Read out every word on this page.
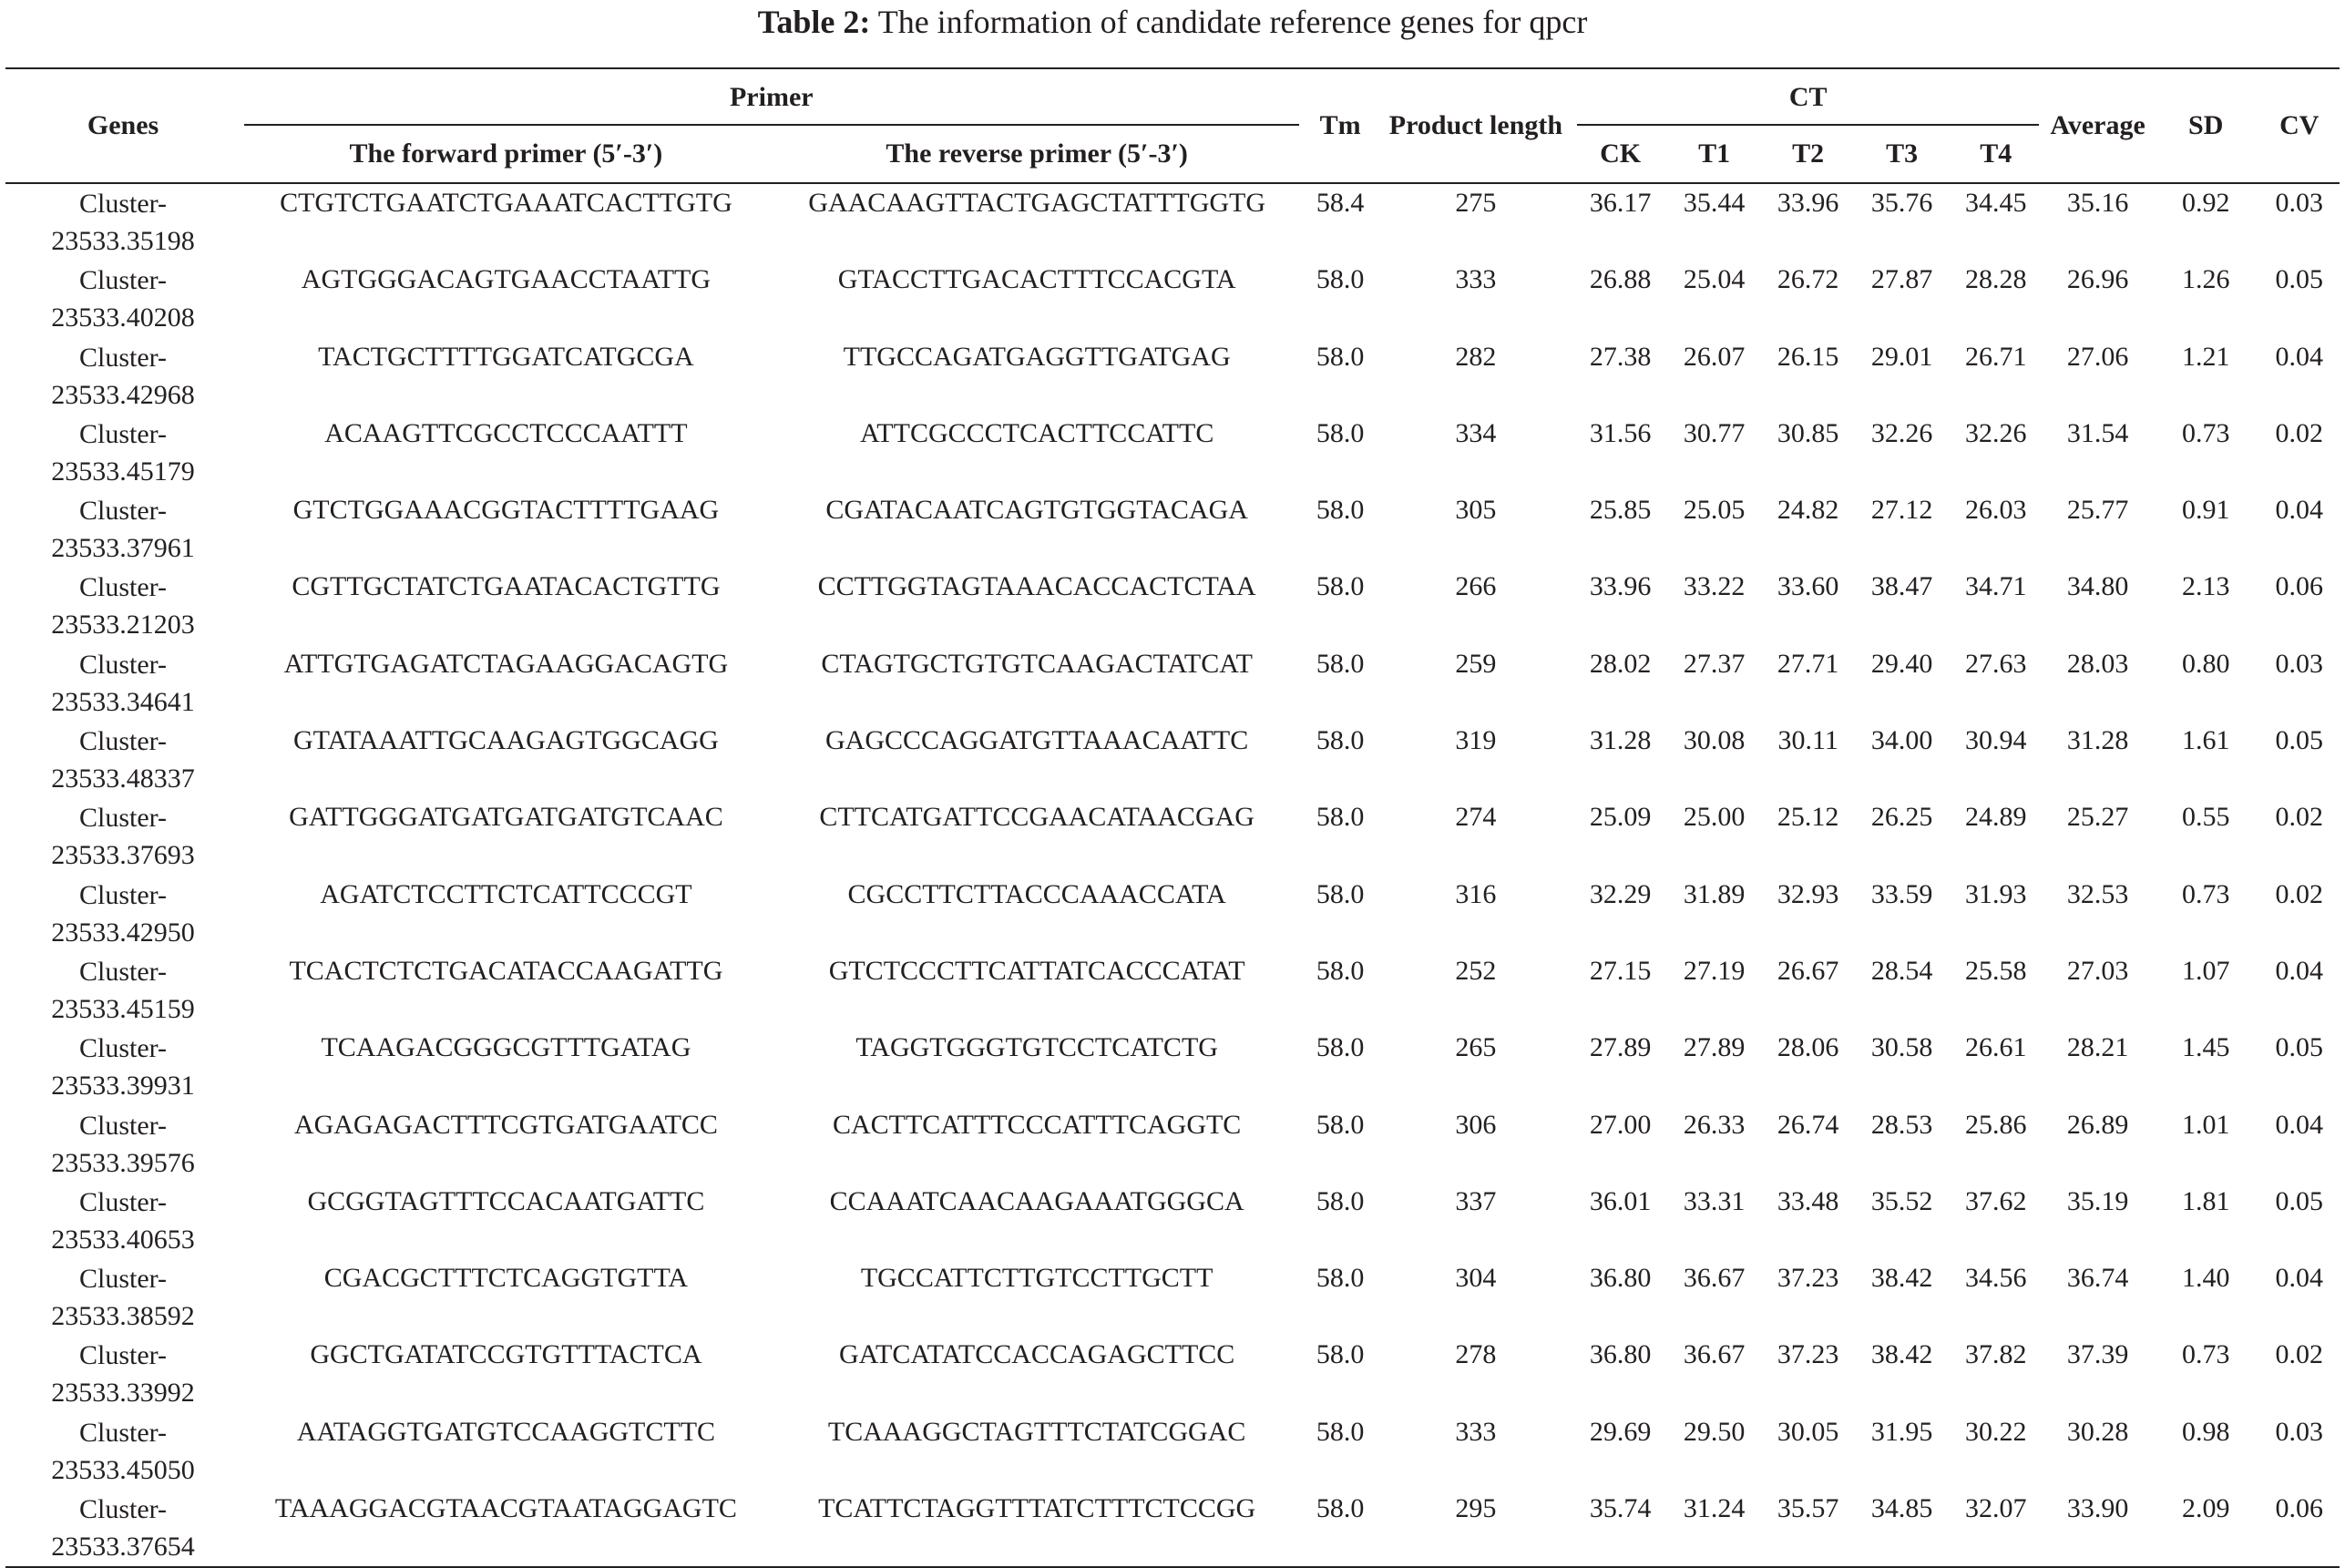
Table 2: The information of candidate reference genes for qpcr
Genes	Primer		Tm	Product length	CT					Average	SD	CV
	The forward primer (5′-3′)	The reverse primer (5′-3′)			CK	T1	T2	T3	T4			

Cluster-
23533.35198	CTGTCTGAATCTGAAATCACTTGTG	GAACAAGTTACTGAGCTATTTGGTG	58.4	275	36.17	35.44	33.96	35.76	34.45	35.16	0.92	0.03

Cluster-
23533.40208	AGTGGGACAGTGAACCTAATTG	GTACCTTGACACTTTCCACGTA	58.0	333	26.88	25.04	26.72	27.87	28.28	26.96	1.26	0.05

Cluster-
23533.42968	TACTGCTTTTGGATCATGCGA	TTGCCAGATGAGGTTGATGAG	58.0	282	27.38	26.07	26.15	29.01	26.71	27.06	1.21	0.04

Cluster-
23533.45179	ACAAGTTCGCCTCCCAATTT	ATTCGCCCTCACTTCCATTC	58.0	334	31.56	30.77	30.85	32.26	32.26	31.54	0.73	0.02

Cluster-
23533.37961	GTCTGGAAACGGTACTTTTGAAG	CGATACAATCAGTGTGGTACAGA	58.0	305	25.85	25.05	24.82	27.12	26.03	25.77	0.91	0.04

Cluster-
23533.21203	CGTTGCTATCTGAATACACTGTTG	CCTTGGTAGTAAACACCACTCTAA	58.0	266	33.96	33.22	33.60	38.47	34.71	34.80	2.13	0.06

Cluster-
23533.34641	ATTGTGAGATCTAGAAGGACAGTG	CTAGTGCTGTGTCAAGACTATCAT	58.0	259	28.02	27.37	27.71	29.40	27.63	28.03	0.80	0.03

Cluster-
23533.48337	GTATAAATTGCAAGAGTGGCAGG	GAGCCCAGGATGTTAAACAATTC	58.0	319	31.28	30.08	30.11	34.00	30.94	31.28	1.61	0.05

Cluster-
23533.37693	GATTGGGATGATGATGATGTCAAC	CTTCATGATTCCGAACATAACGAG	58.0	274	25.09	25.00	25.12	26.25	24.89	25.27	0.55	0.02

Cluster-
23533.42950	AGATCTCCTTCTCATTCCCGT	CGCCTTCTTACCCAAACCATA	58.0	316	32.29	31.89	32.93	33.59	31.93	32.53	0.73	0.02

Cluster-
23533.45159	TCACTCTCTGACATACCAAGATTG	GTCTCCCTTCATTATCACCCATAT	58.0	252	27.15	27.19	26.67	28.54	25.58	27.03	1.07	0.04

Cluster-
23533.39931	TCAAGACGGGCGTTTGATAG	TAGGTGGGTGTCCTCATCTG	58.0	265	27.89	27.89	28.06	30.58	26.61	28.21	1.45	0.05

Cluster-
23533.39576	AGAGAGACTTTCGTGATGAATCC	CACTTCATTTCCCATTTCAGGTC	58.0	306	27.00	26.33	26.74	28.53	25.86	26.89	1.01	0.04

Cluster-
23533.40653	GCGGTAGTTTCCACAATGATTC	CCAAATCAACAAGAAATGGGCA	58.0	337	36.01	33.31	33.48	35.52	37.62	35.19	1.81	0.05

Cluster-
23533.38592	CGACGCTTTCTCAGGTGTTA	TGCCATTCTTGTCCTTGCTT	58.0	304	36.80	36.67	37.23	38.42	34.56	36.74	1.40	0.04

Cluster-
23533.33992	GGCTGATATCCGTGTTTACTCA	GATCATATCCACCAGAGCTTCC	58.0	278	36.80	36.67	37.23	38.42	37.82	37.39	0.73	0.02

Cluster-
23533.45050	AATAGGTGATGTCCAAGGTCTTC	TCAAAGGCTAGTTTCTATCGGAC	58.0	333	29.69	29.50	30.05	31.95	30.22	30.28	0.98	0.03

Cluster-
23533.37654	TAAAGGACGTAACGTAATAGGAGTC	TCATTCTAGGTTTATCTTTCTCCGG	58.0	295	35.74	31.24	35.57	34.85	32.07	33.90	2.09	0.06
